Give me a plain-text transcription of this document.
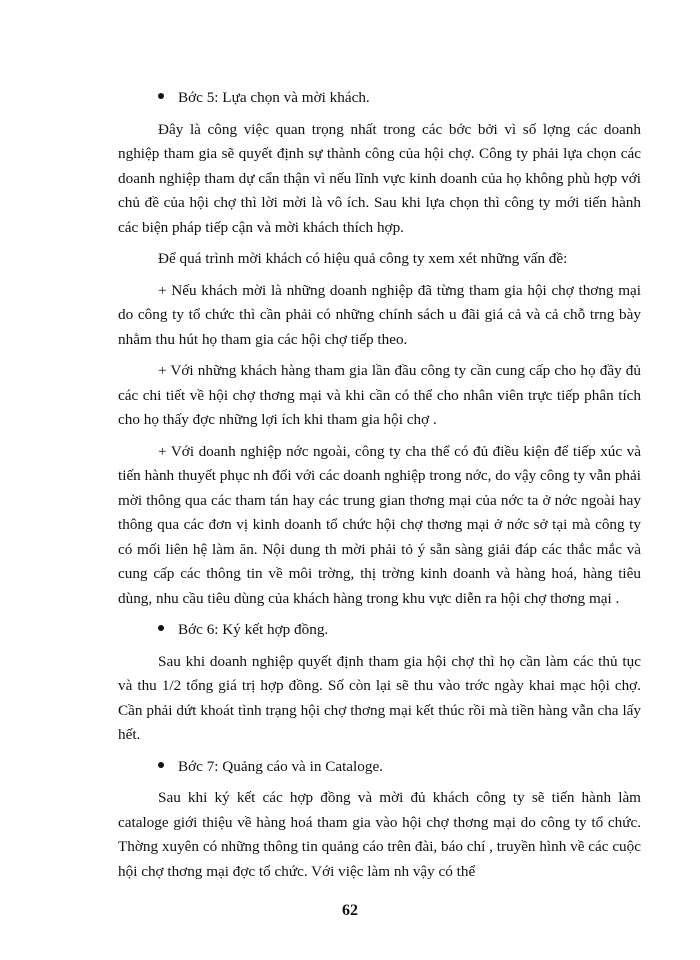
Bớc 5: Lựa chọn và mời khách.

Đây là công việc quan trọng nhất trong các bớc bởi vì số lợng các doanh nghiệp tham gia sẽ quyết định sự thành công của hội chợ. Công ty phải lựa chọn các doanh nghiệp tham dự cẩn thận vì nếu lĩnh vực kinh doanh của họ không phù hợp với chủ đề của hội chợ thì lời mời là vô ích. Sau khi lựa chọn thì công ty mới tiến hành các biện pháp tiếp cận và mời khách thích hợp.

Để quá trình mời khách có hiệu quả công ty xem xét những vấn đề:

+ Nếu khách mời là những doanh nghiệp đã từng tham gia hội chợ thơng mại do công ty tổ chức thì cần phải có những chính sách u đãi giá cả và cả chỗ trng bày nhằm thu hút họ tham gia các hội chợ tiếp theo.

+ Với những khách hàng tham gia lần đầu công ty cần cung cấp cho họ đầy đủ các chi tiết về hội chợ thơng mại và khi cần có thể cho nhân viên trực tiếp phân tích cho họ thấy đợc những lợi ích khi tham gia hội chợ .

+ Với doanh nghiệp nớc ngoài, công ty cha thể có đủ điều kiện để tiếp xúc và tiến hành thuyết phục nh đối với các doanh nghiệp trong nớc, do vậy công ty vẫn phải mời thông qua các tham tán hay các trung gian thơng mại của nớc ta ở nớc ngoài hay thông qua các đơn vị kinh doanh tổ chức hội chợ thơng mại ở nớc sở tại mà công ty có mối liên hệ làm ăn. Nội dung th mời phải tỏ ý sẵn sàng giải đáp các thắc mắc và cung cấp các thông tin về môi trờng, thị trờng kinh doanh và hàng hoá, hàng tiêu dùng, nhu cầu tiêu dùng của khách hàng trong khu vực diễn ra hội chợ thơng mại .

Bớc 6: Ký kết hợp đồng.

Sau khi doanh nghiệp quyết định tham gia hội chợ thì họ cần làm các thủ tục và thu 1/2 tổng giá trị hợp đồng. Số còn lại sẽ thu vào trớc ngày khai mạc hội chợ. Cần phải dứt khoát tình trạng hội chợ thơng mại kết thúc rồi mà tiền hàng vẫn cha lấy hết.

Bớc 7: Quảng cáo và in Cataloge.

Sau khi ký kết các hợp đồng và mời đủ khách công ty sẽ tiến hành làm cataloge giới thiệu về hàng hoá tham gia vào hội chợ thơng mại do công ty tổ chức. Thờng xuyên có những thông tin quảng cáo trên đài, báo chí , truyền hình về các cuộc hội chợ thơng mại đợc tổ chức. Với việc làm nh vậy có thể

62
